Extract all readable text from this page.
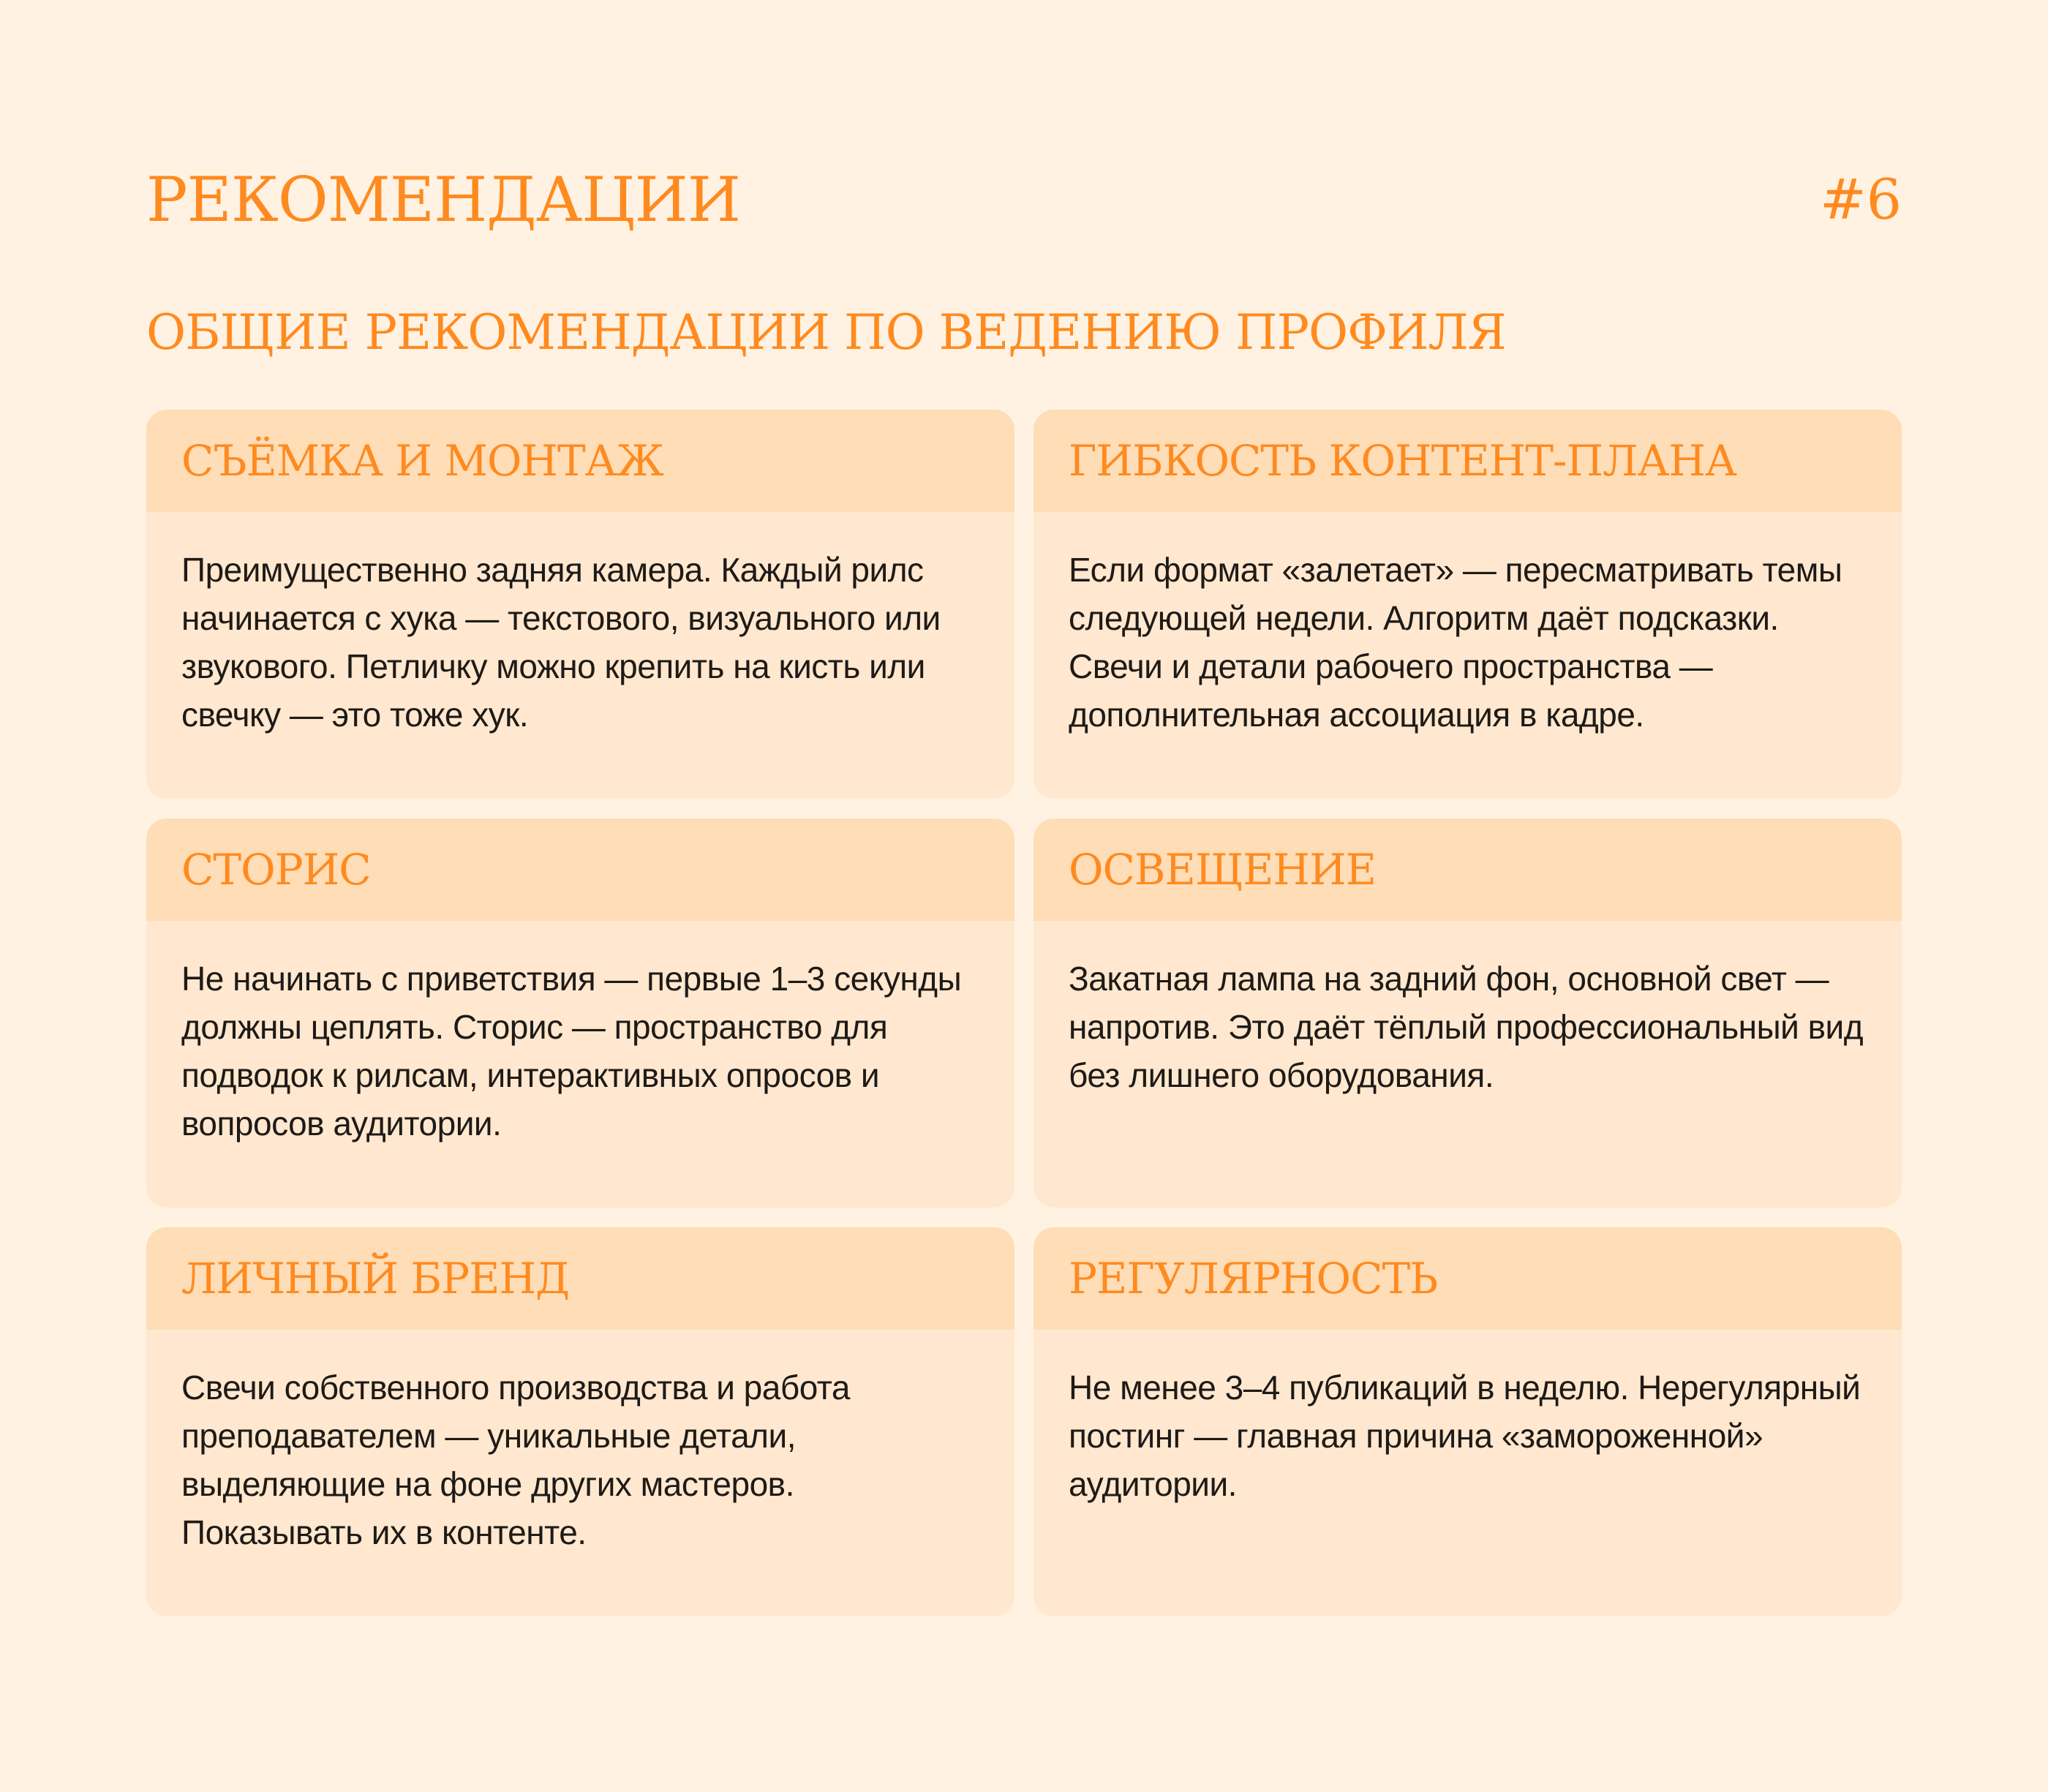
РЕКОМЕНДАЦИИ	#6
ОБЩИЕ РЕКОМЕНДАЦИИ ПО ВЕДЕНИЮ ПРОФИЛЯ
СЪЁМКА И МОНТАЖ

Преимущественно задняя камера. Каждый рилс начинается с хука — текстового, визуального или звукового. Петличку можно крепить на кисть или свечку — это тоже хук.

ГИБКОСТЬ КОНТЕНТ-ПЛАНА

Если формат «залетает» — пересматривать темы следующей недели. Алгоритм даёт подсказки. Свечи и детали рабочего пространства — дополнительная ассоциация в кадре.

СТОРИС

Не начинать с приветствия — первые 1–3 секунды должны цеплять. Сторис — пространство для подводок к рилсам, интерактивных опросов и вопросов аудитории.

ОСВЕЩЕНИЕ

Закатная лампа на задний фон, основной свет — напротив. Это даёт тёплый профессиональный вид без лишнего оборудования.

ЛИЧНЫЙ БРЕНД

Свечи собственного производства и работа преподавателем — уникальные детали, выделяющие на фоне других мастеров. Показывать их в контенте.

РЕГУЛЯРНОСТЬ

Не менее 3–4 публикаций в неделю. Нерегулярный постинг — главная причина «замороженной» аудитории.
